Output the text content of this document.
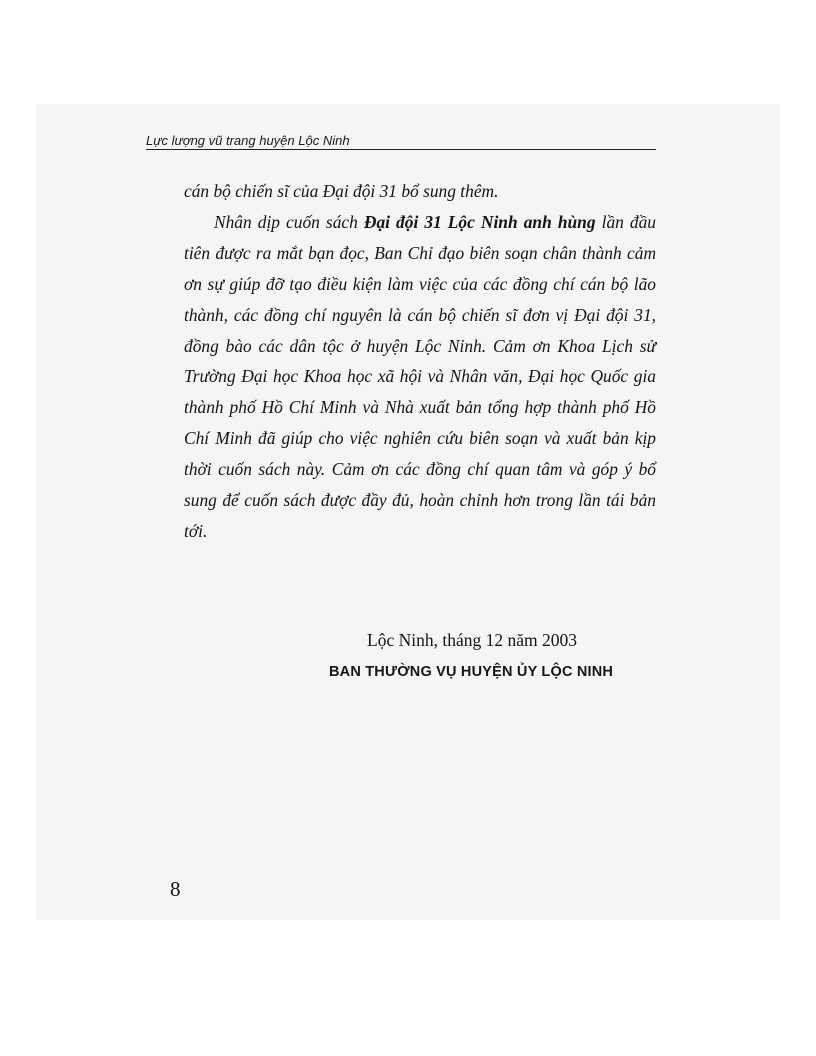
Lực lượng vũ trang huyện Lộc Ninh

cán bộ chiến sĩ của Đại đội 31 bổ sung thêm.

Nhân dịp cuốn sách Đại đội 31 Lộc Ninh anh hùng lần đầu tiên được ra mắt bạn đọc, Ban Chỉ đạo biên soạn chân thành cảm ơn sự giúp đỡ tạo điều kiện làm việc của các đồng chí cán bộ lão thành, các đồng chí nguyên là cán bộ chiến sĩ đơn vị Đại đội 31, đồng bào các dân tộc ở huyện Lộc Ninh. Cảm ơn Khoa Lịch sử Trường Đại học Khoa học xã hội và Nhân văn, Đại học Quốc gia thành phố Hồ Chí Minh và Nhà xuất bản tổng hợp thành phố Hồ Chí Minh đã giúp cho việc nghiên cứu biên soạn và xuất bản kịp thời cuốn sách này. Cảm ơn các đồng chí quan tâm và góp ý bổ sung để cuốn sách được đầy đủ, hoàn chỉnh hơn trong lần tái bản tới.

Lộc Ninh, tháng 12 năm 2003
BAN THƯỜNG VỤ HUYỆN ỦY LỘC NINH
8
